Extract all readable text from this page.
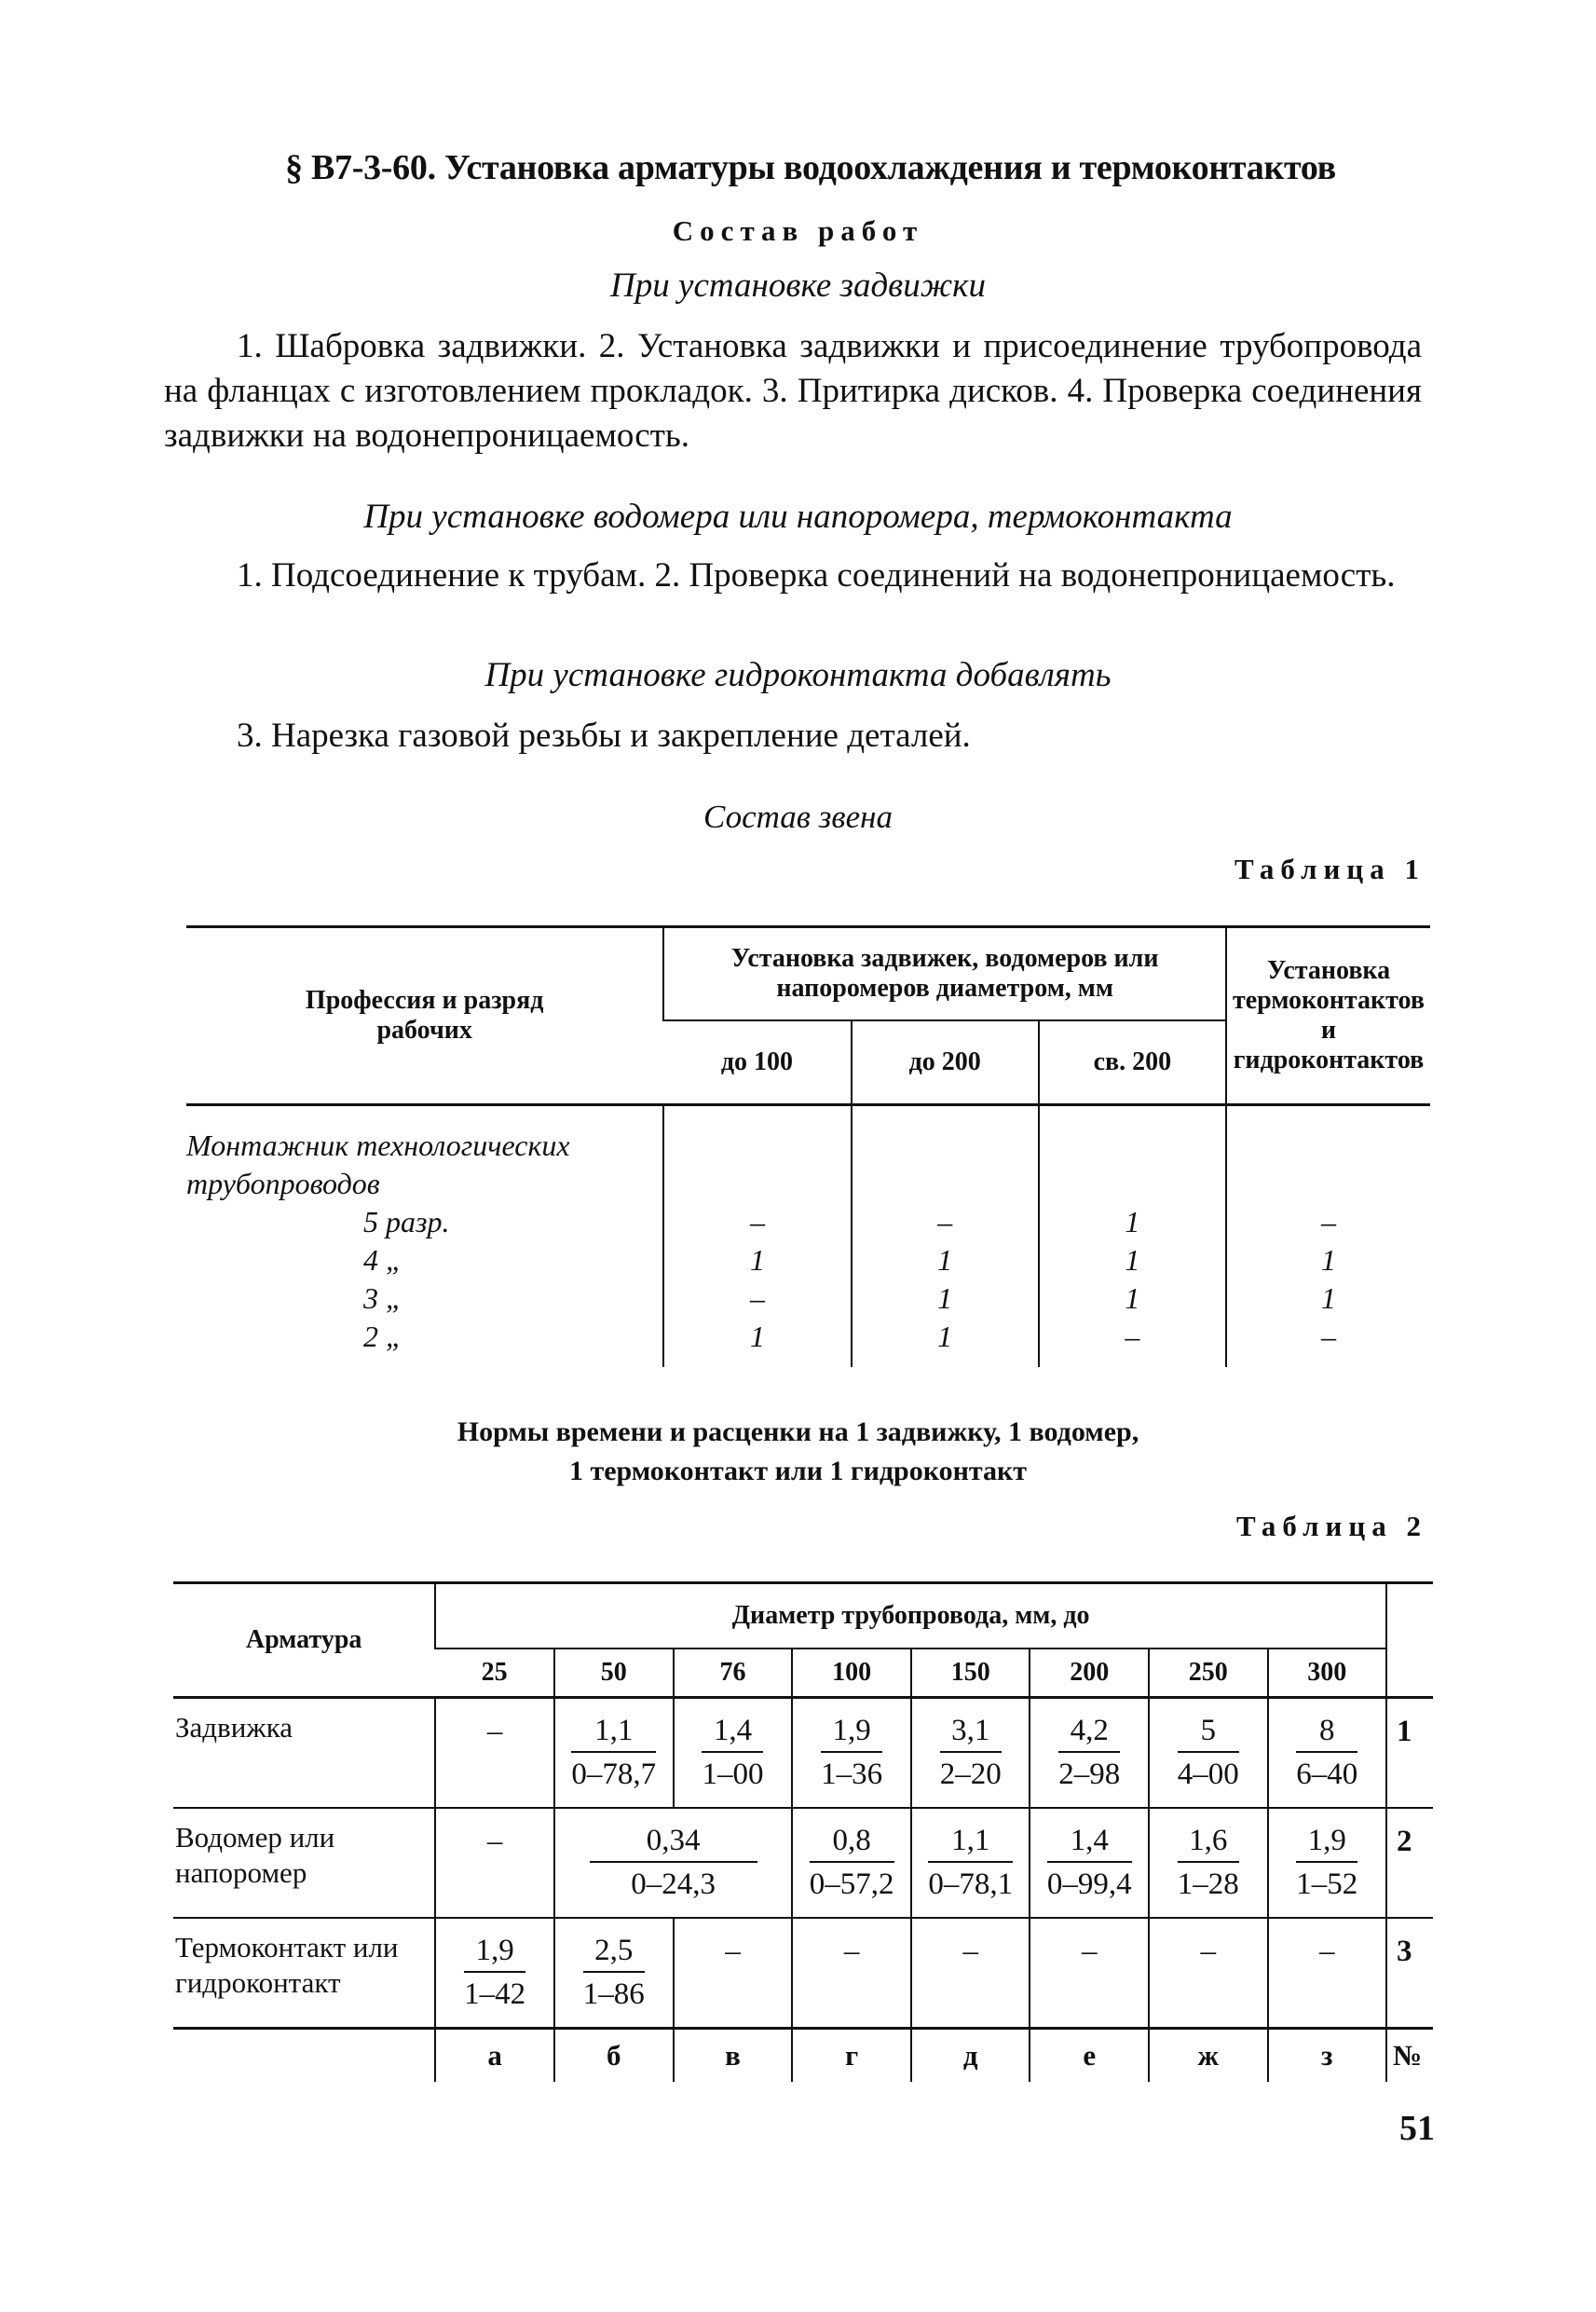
§ В7-3-60. Установка арматуры водоохлаждения и термоконтактов
Состав работ
При установке задвижки
1. Шабровка задвижки. 2. Установка задвижки и присоединение трубопровода на фланцах с изготовлением прокладок. 3. Притирка дисков. 4. Проверка соединения задвижки на водонепроницаемость.
При установке водомера или напоромера, термоконтакта
1. Подсоединение к трубам. 2. Проверка соединений на водонепроницаемость.
При установке гидроконтакта добавлять
3. Нарезка газовой резьбы и закрепление деталей.
Состав звена
Таблица 1
Профессия и разряд рабочих	Установка задвижек, водомеров или напоромеров диаметром, мм			Установка термоконтактов и гидроконтактов
	до 100	до 200	св. 200	
Монтажник технологических				
трубопроводов				
5 разр.	–	–	1	–
4 „	1	1	1	1
3 „	–	1	1	1
2 „	1	1	–	–
Нормы времени и расценки на 1 задвижку, 1 водомер,
1 термоконтакт или 1 гидроконтакт
Таблица 2
Арматура	Диаметр трубопровода, мм, до								
	25	50	76	100	150	200	250	300	
Задвижка	–	$\frac{1,1}{0-78,7}$	$\frac{1,4}{1-00}$	$\frac{1,9}{1-36}$	$\frac{3,1}{2-20}$	$\frac{4,2}{2-98}$	$\frac{5}{4-00}$	$\frac{8}{6-40}$	1
Водомер или напоромер	–	$\frac{0,34}{0-24,3}$		$\frac{0,8}{0-57,2}$	$\frac{1,1}{0-78,1}$	$\frac{1,4}{0-99,4}$	$\frac{1,6}{1-28}$	$\frac{1,9}{1-52}$	2
Термоконтакт или гидроконтакт	$\frac{1,9}{1-42}$	$\frac{2,5}{1-86}$	–	–	–	–	–	–	3
	а	б	в	г	д	е	ж	з	№
51
